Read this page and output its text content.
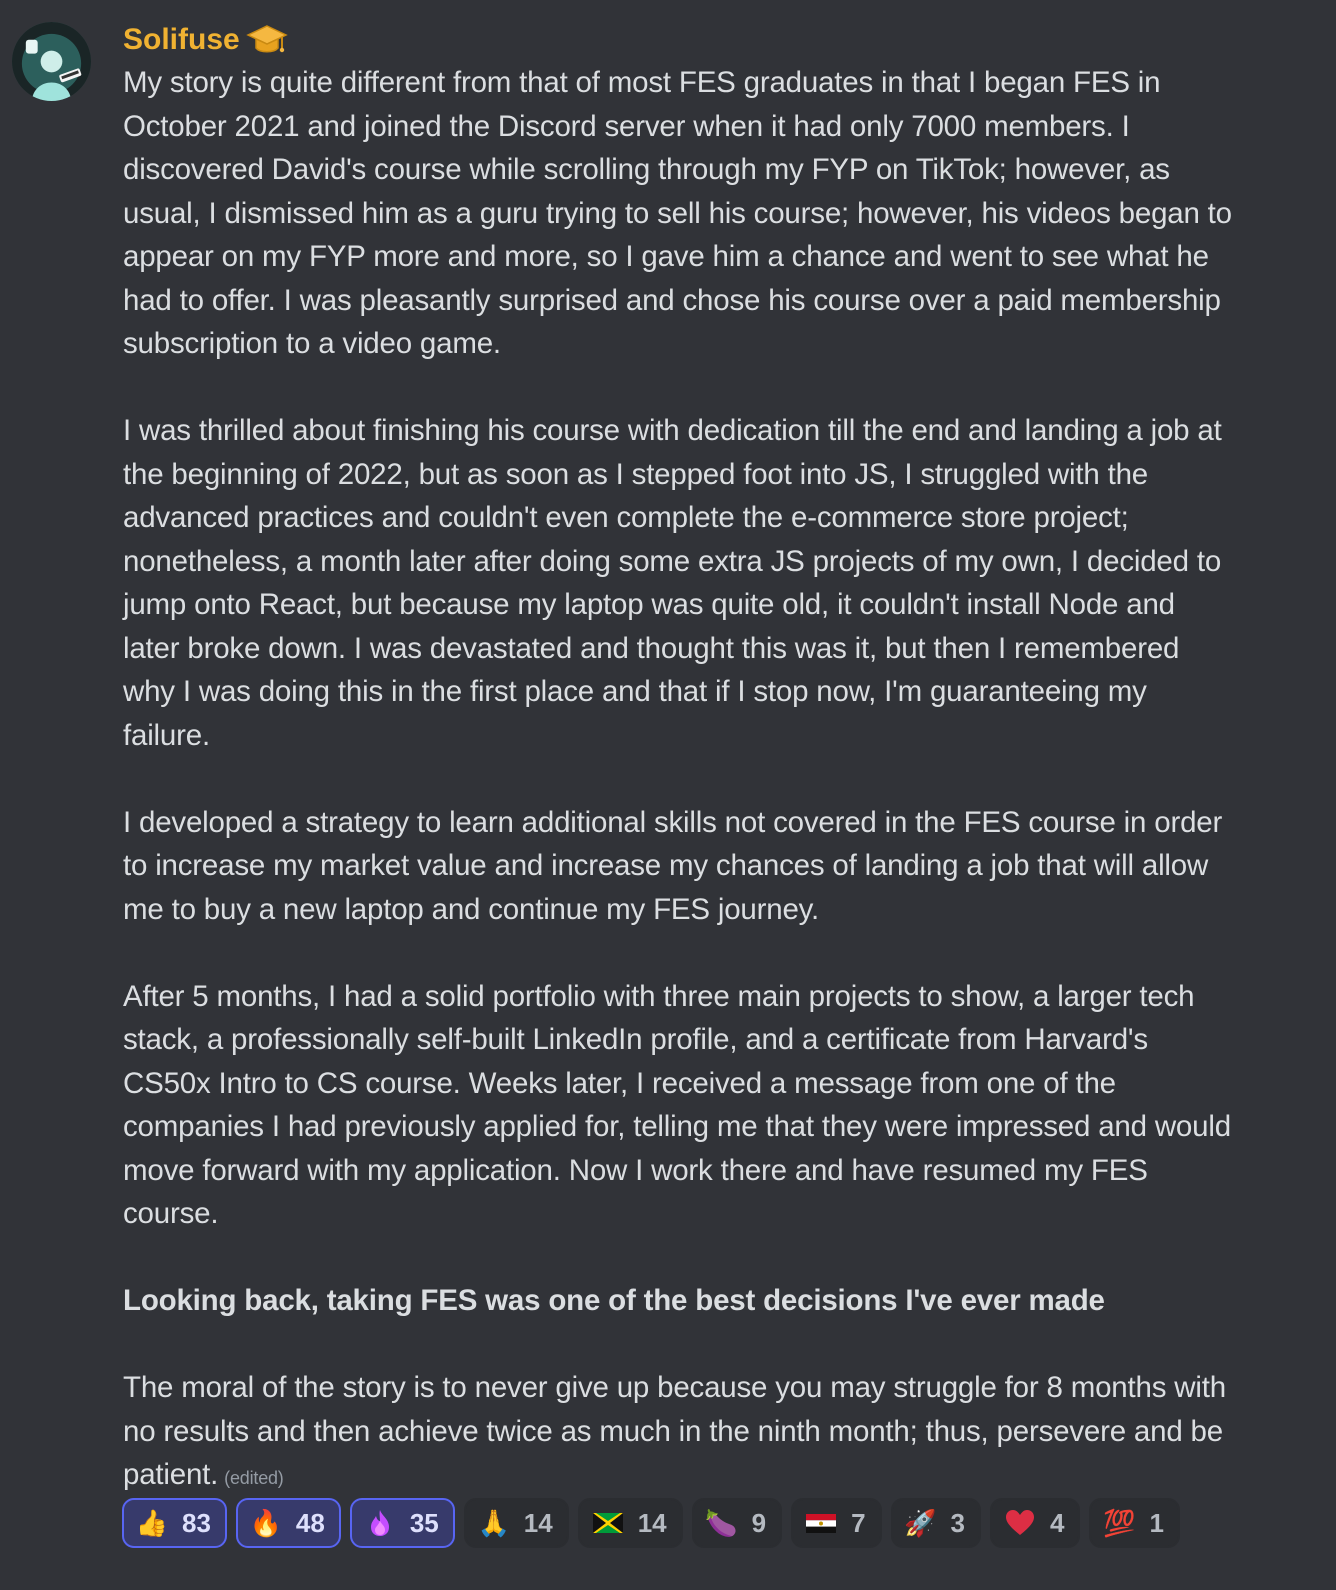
Solifuse

My story is quite different from that of most FES graduates in that I began FES in October 2021 and joined the Discord server when it had only 7000 members. I discovered David's course while scrolling through my FYP on TikTok; however, as usual, I dismissed him as a guru trying to sell his course; however, his videos began to appear on my FYP more and more, so I gave him a chance and went to see what he had to offer. I was pleasantly surprised and chose his course over a paid membership subscription to a video game.

I was thrilled about finishing his course with dedication till the end and landing a job at the beginning of 2022, but as soon as I stepped foot into JS, I struggled with the advanced practices and couldn't even complete the e-commerce store project; nonetheless, a month later after doing some extra JS projects of my own, I decided to jump onto React, but because my laptop was quite old, it couldn't install Node and later broke down. I was devastated and thought this was it, but then I remembered why I was doing this in the first place and that if I stop now, I'm guaranteeing my failure.

I developed a strategy to learn additional skills not covered in the FES course in order to increase my market value and increase my chances of landing a job that will allow me to buy a new laptop and continue my FES journey.

After 5 months, I had a solid portfolio with three main projects to show, a larger tech stack, a professionally self-built LinkedIn profile, and a certificate from Harvard's CS50x Intro to CS course. Weeks later, I received a message from one of the companies I had previously applied for, telling me that they were impressed and would move forward with my application. Now I work there and have resumed my FES course.

Looking back, taking FES was one of the best decisions I've ever made

The moral of the story is to never give up because you may struggle for 8 months with no results and then achieve twice as much in the ninth month; thus, persevere and be patient. (edited)

👍 83 🔥 48	35 🙏 14	14 🍆 9	7 🚀 3	4 💯 1
